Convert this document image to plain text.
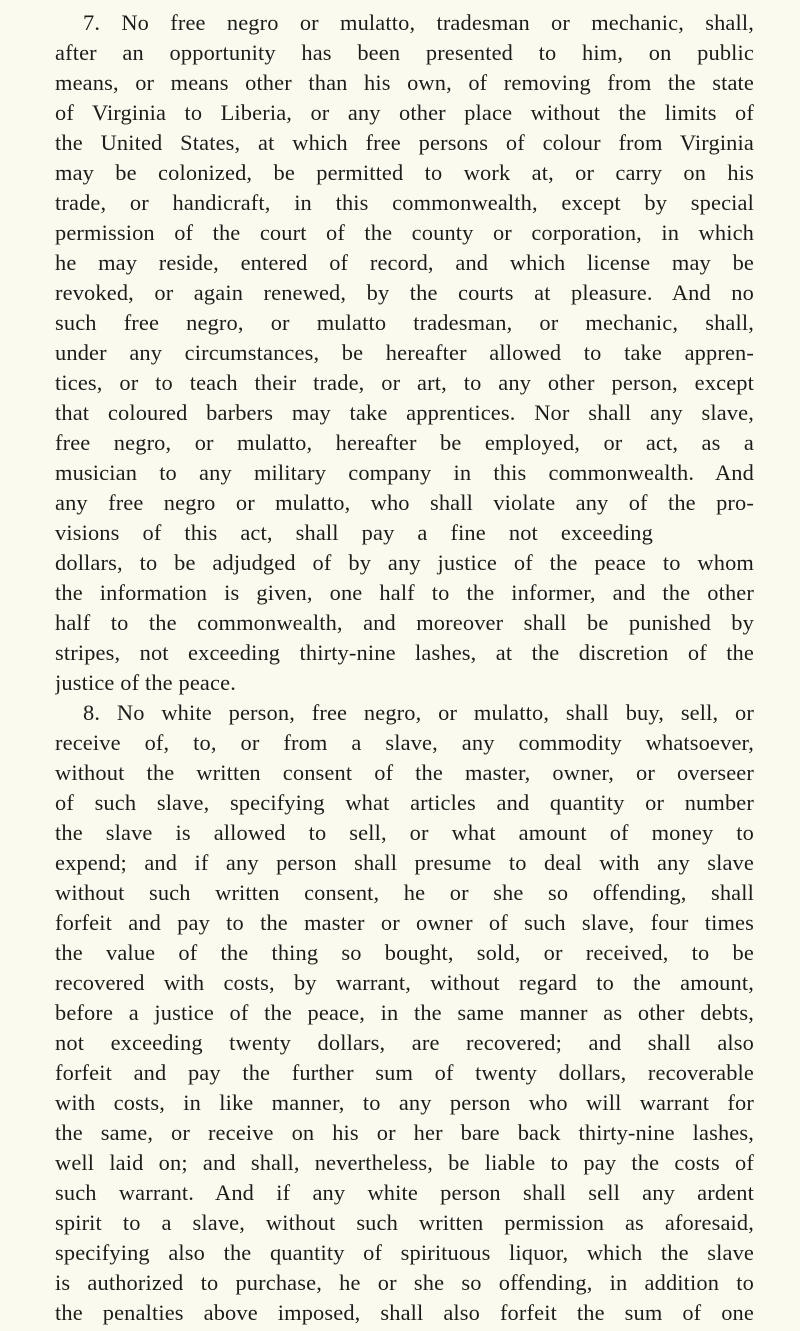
7. No free negro or mulatto, tradesman or mechanic, shall,
after an opportunity has been presented to him, on public
means, or means other than his own, of removing from the state
of Virginia to Liberia, or any other place without the limits of
the United States, at which free persons of colour from Virginia
may be colonized, be permitted to work at, or carry on his
trade, or handicraft, in this commonwealth, except by special
permission of the court of the county or corporation, in which
he may reside, entered of record, and which license may be
revoked, or again renewed, by the courts at pleasure. And no
such free negro, or mulatto tradesman, or mechanic, shall,
under any circumstances, be hereafter allowed to take appren-
tices, or to teach their trade, or art, to any other person, except
that coloured barbers may take apprentices. Nor shall any slave,
free negro, or mulatto, hereafter be employed, or act, as a
musician to any military company in this commonwealth. And
any free negro or mulatto, who shall violate any of the pro-
visions of this act, shall pay a fine not exceeding
dollars, to be adjudged of by any justice of the peace to whom
the information is given, one half to the informer, and the other
half to the commonwealth, and moreover shall be punished by
stripes, not exceeding thirty-nine lashes, at the discretion of the
justice of the peace.

8. No white person, free negro, or mulatto, shall buy, sell, or
receive of, to, or from a slave, any commodity whatsoever,
without the written consent of the master, owner, or overseer
of such slave, specifying what articles and quantity or number
the slave is allowed to sell, or what amount of money to
expend; and if any person shall presume to deal with any slave
without such written consent, he or she so offending, shall
forfeit and pay to the master or owner of such slave, four times
the value of the thing so bought, sold, or received, to be
recovered with costs, by warrant, without regard to the amount,
before a justice of the peace, in the same manner as other debts,
not exceeding twenty dollars, are recovered; and shall also
forfeit and pay the further sum of twenty dollars, recoverable
with costs, in like manner, to any person who will warrant for
the same, or receive on his or her bare back thirty-nine lashes,
well laid on; and shall, nevertheless, be liable to pay the costs of
such warrant. And if any white person shall sell any ardent
spirit to a slave, without such written permission as aforesaid,
specifying also the quantity of spirituous liquor, which the slave
is authorized to purchase, he or she so offending, in addition to
the penalties above imposed, shall also forfeit the sum of one
